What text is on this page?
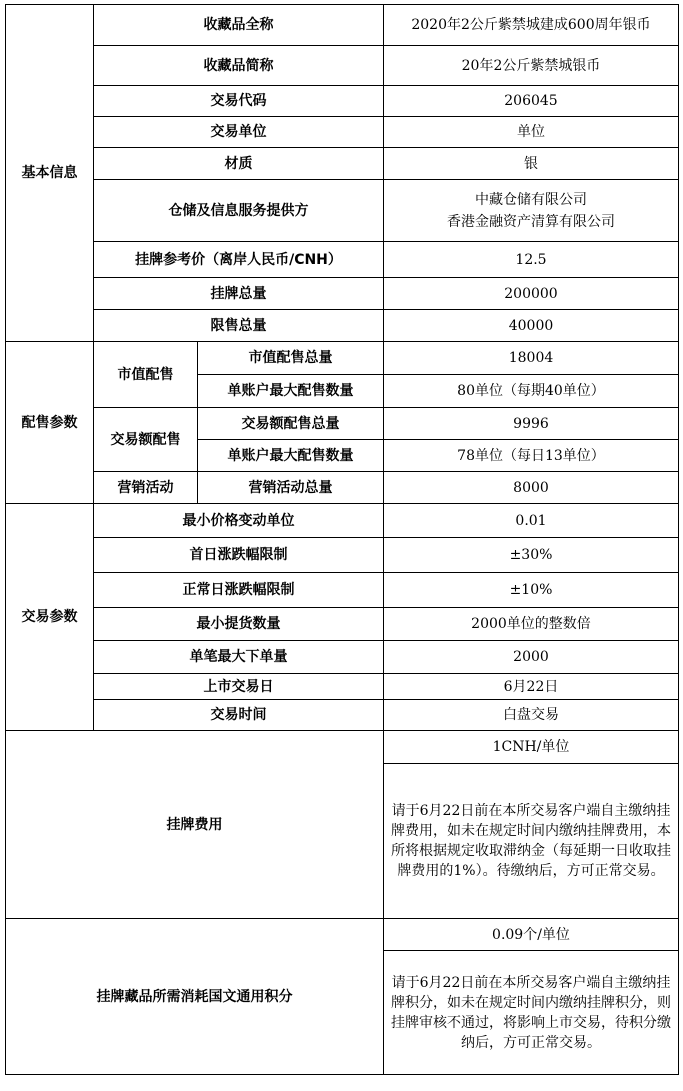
基本信息	收藏品全称		2020年2公斤紫禁城建成600周年银币
	收藏品简称		20年2公斤紫禁城银币
	交易代码		206045
	交易单位		单位
	材质		银
	仓储及信息服务提供方		中藏仓储有限公司
香港金融资产清算有限公司

	挂牌参考价（离岸人民币/CNH）		12.5
	挂牌总量		200000
	限售总量		40000
配售参数	市值配售	市值配售总量	18004
		单账户最大配售数量	80单位（每期40单位）
	交易额配售	交易额配售总量	9996
		单账户最大配售数量	78单位（每日13单位）
	营销活动	营销活动总量	8000
交易参数	最小价格变动单位		0.01
	首日涨跌幅限制		±30%
	正常日涨跌幅限制		±10%
	最小提货数量		2000单位的整数倍
	单笔最大下单量		2000
	上市交易日		6月22日
	交易时间		白盘交易
挂牌费用			1CNH/单位
			请于6月22日前在本所交易客户端自主缴纳挂牌费用，如未在规定时间内缴纳挂牌费用，本所将根据规定收取滞纳金（每延期一日收取挂牌费用的1%）。待缴纳后，方可正常交易。
挂牌藏品所需消耗国文通用积分			0.09个/单位
			请于6月22日前在本所交易客户端自主缴纳挂牌积分，如未在规定时间内缴纳挂牌积分，则挂牌审核不通过，将影响上市交易，待积分缴纳后，方可正常交易。
